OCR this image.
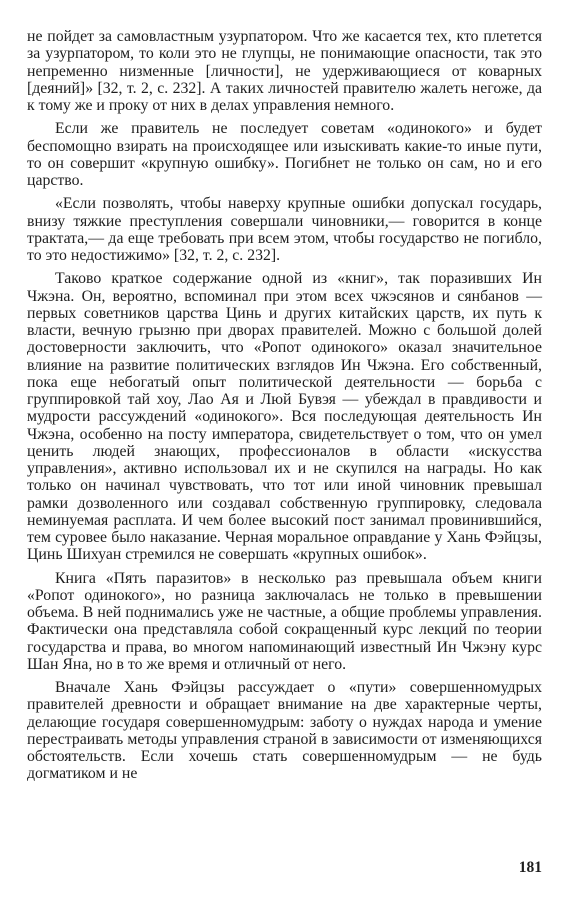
не пойдет за самовластным узурпатором. Что же касается тех, кто плетется за узурпатором, то коли это не глупцы, не понимающие опасности, так это непременно низменные [личности], не удерживающиеся от коварных [деяний]» [32, т. 2, с. 232]. А таких личностей правителю жалеть негоже, да к тому же и проку от них в делах управления немного.

Если же правитель не последует советам «одинокого» и будет беспомощно взирать на происходящее или изыскивать какие-то иные пути, то он совершит «крупную ошибку». Погибнет не только он сам, но и его царство.

«Если позволять, чтобы наверху крупные ошибки допускал государь, внизу тяжкие преступления совершали чиновники,— говорится в конце трактата,— да еще требовать при всем этом, чтобы государство не погибло, то это недостижимо» [32, т. 2, с. 232].

Таково краткое содержание одной из «книг», так поразивших Ин Чжэна. Он, вероятно, вспоминал при этом всех чжэсянов и сянбанов — первых советников царства Цинь и других китайских царств, их путь к власти, вечную грызню при дворах правителей. Можно с большой долей достоверности заключить, что «Ропот одинокого» оказал значительное влияние на развитие политических взглядов Ин Чжэна. Его собственный, пока еще небогатый опыт политической деятельности — борьба с группировкой тай хоу, Лао Ая и Люй Бувэя — убеждал в правдивости и мудрости рассуждений «одинокого». Вся последующая деятельность Ин Чжэна, особенно на посту императора, свидетельствует о том, что он умел ценить людей знающих, профессионалов в области «искусства управления», активно использовал их и не скупился на награды. Но как только он начинал чувствовать, что тот или иной чиновник превышал рамки дозволенного или создавал собственную группировку, следовала неминуемая расплата. И чем более высокий пост занимал провинившийся, тем суровее было наказание. Черная моральное оправдание у Хань Фэйцзы, Цинь Шихуан стремился не совершать «крупных ошибок».

Книга «Пять паразитов» в несколько раз превышала объем книги «Ропот одинокого», но разница заключалась не только в превышении объема. В ней поднимались уже не частные, а общие проблемы управления. Фактически она представляла собой сокращенный курс лекций по теории государства и права, во многом напоминающий известный Ин Чжэну курс Шан Яна, но в то же время и отличный от него.

Вначале Хань Фэйцзы рассуждает о «пути» совершенномудрых правителей древности и обращает внимание на две характерные черты, делающие государя совершенномудрым: заботу о нуждах народа и умение перестраивать методы управления страной в зависимости от изменяющихся обстоятельств. Если хочешь стать совершенномудрым — не будь догматиком и не

181
